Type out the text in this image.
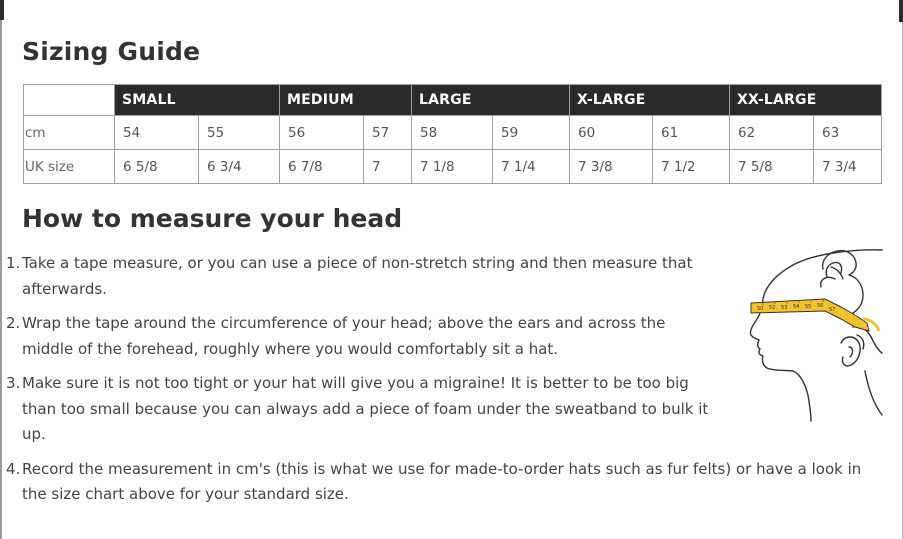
Sizing Guide
	SMALL		MEDIUM		LARGE		X-LARGE		XX-LARGE	
cm	54	55	56	57	58	59	60	61	62	63
UK size	6 5/8	6 3/4	6 7/8	7	7 1/8	7 1/4	7 3/8	7 1/2	7 5/8	7 3/4
How to measure your head
1. Take a tape measure, or you can use a piece of non-stretch string and then measure that afterwards.
2. Wrap the tape around the circumference of your head; above the ears and across the middle of the forehead, roughly where you would comfortably sit a hat.
3. Make sure it is not too tight or your hat will give you a migraine! It is better to be too big than too small because you can always add a piece of foam under the sweatband to bulk it up.
4. Record the measurement in cm's (this is what we use for made-to-order hats such as fur felts) or have a look in the size chart above for your standard size.
50 52 53 54 55 56
57
